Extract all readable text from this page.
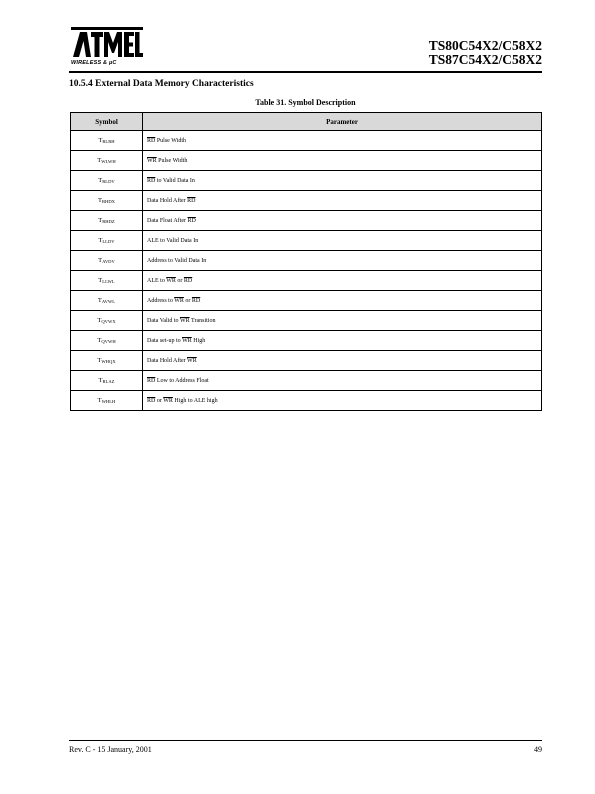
WIRELESS & µC
TS80C54X2/C58X2
TS87C54X2/C58X2
10.5.4 External Data Memory Characteristics
Table 31. Symbol Description
Symbol	Parameter
$T_{RLRH}$	$\overline{RD}$ Pulse Width
$T_{WLWH}$	$\overline{WR}$ Pulse Width
$T_{RLDV}$	$\overline{RD}$ to Valid Data In
$T_{RHDX}$	Data Hold After $\overline{RD}$
$T_{RHDZ}$	Data Float After $\overline{RD}$
$T_{LLDV}$	ALE to Valid Data In
$T_{AVDV}$	Address to Valid Data In
$T_{LLWL}$	ALE to $\overline{WR}$ or $\overline{RD}$
$T_{AVWL}$	Address to $\overline{WR}$ or $\overline{RD}$
$T_{QVWX}$	Data Valid to $\overline{WR}$ Transition
$T_{QVWH}$	Data set-up to $\overline{WR}$ High
$T_{WHQX}$	Data Hold After $\overline{WR}$
$T_{RLAZ}$	$\overline{RD}$ Low to Address Float
$T_{WHLH}$	$\overline{RD}$ or $\overline{WR}$ High to ALE high
Rev. C - 15 January, 2001	49
